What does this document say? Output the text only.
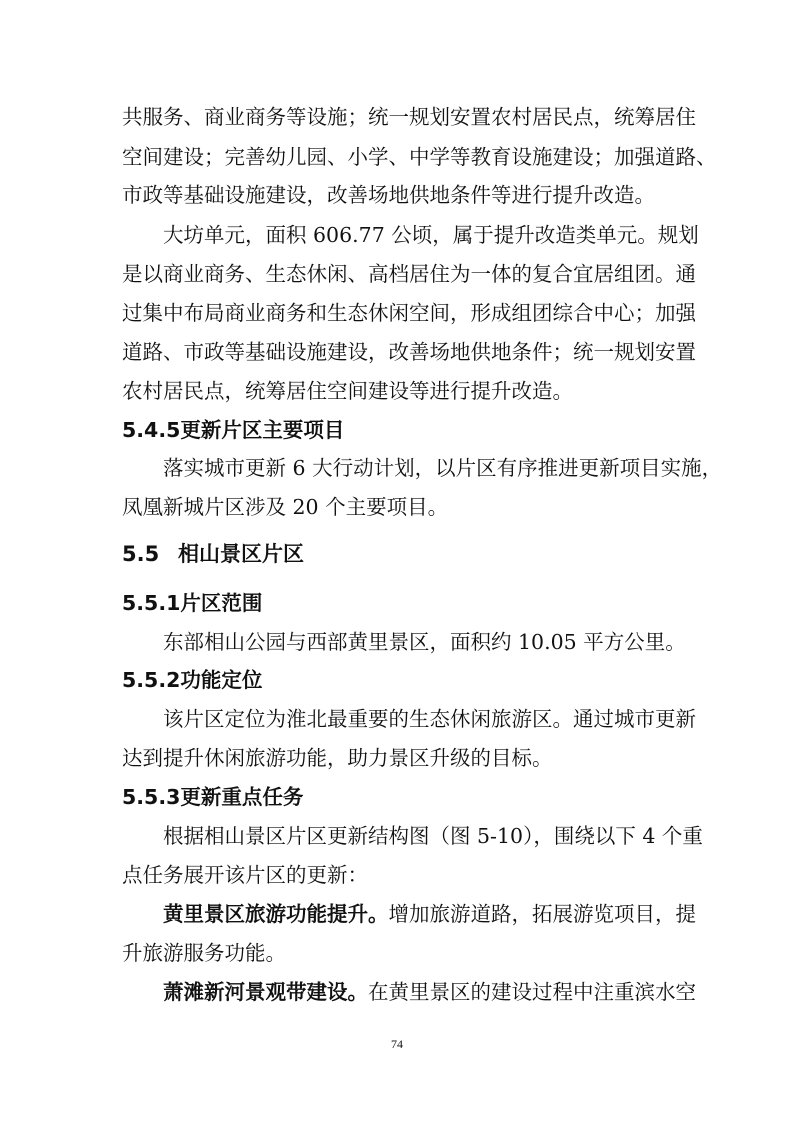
共服务、商业商务等设施；统一规划安置农村居民点，统筹居住
空间建设；完善幼儿园、小学、中学等教育设施建设；加强道路、
市政等基础设施建设，改善场地供地条件等进行提升改造。
大坊单元，面积 606.77 公顷，属于提升改造类单元。规划
是以商业商务、生态休闲、高档居住为一体的复合宜居组团。通
过集中布局商业商务和生态休闲空间，形成组团综合中心；加强
道路、市政等基础设施建设，改善场地供地条件；统一规划安置
农村居民点，统筹居住空间建设等进行提升改造。
5.4.5更新片区主要项目
落实城市更新 6 大行动计划，以片区有序推进更新项目实施，
凤凰新城片区涉及 20 个主要项目。
5.5 相山景区片区
5.5.1片区范围
东部相山公园与西部黄里景区，面积约 10.05 平方公里。
5.5.2功能定位
该片区定位为淮北最重要的生态休闲旅游区。通过城市更新
达到提升休闲旅游功能，助力景区升级的目标。
5.5.3更新重点任务
根据相山景区片区更新结构图（图 5-10），围绕以下 4 个重
点任务展开该片区的更新：
黄里景区旅游功能提升。增加旅游道路，拓展游览项目，提
升旅游服务功能。
萧滩新河景观带建设。在黄里景区的建设过程中注重滨水空
74
